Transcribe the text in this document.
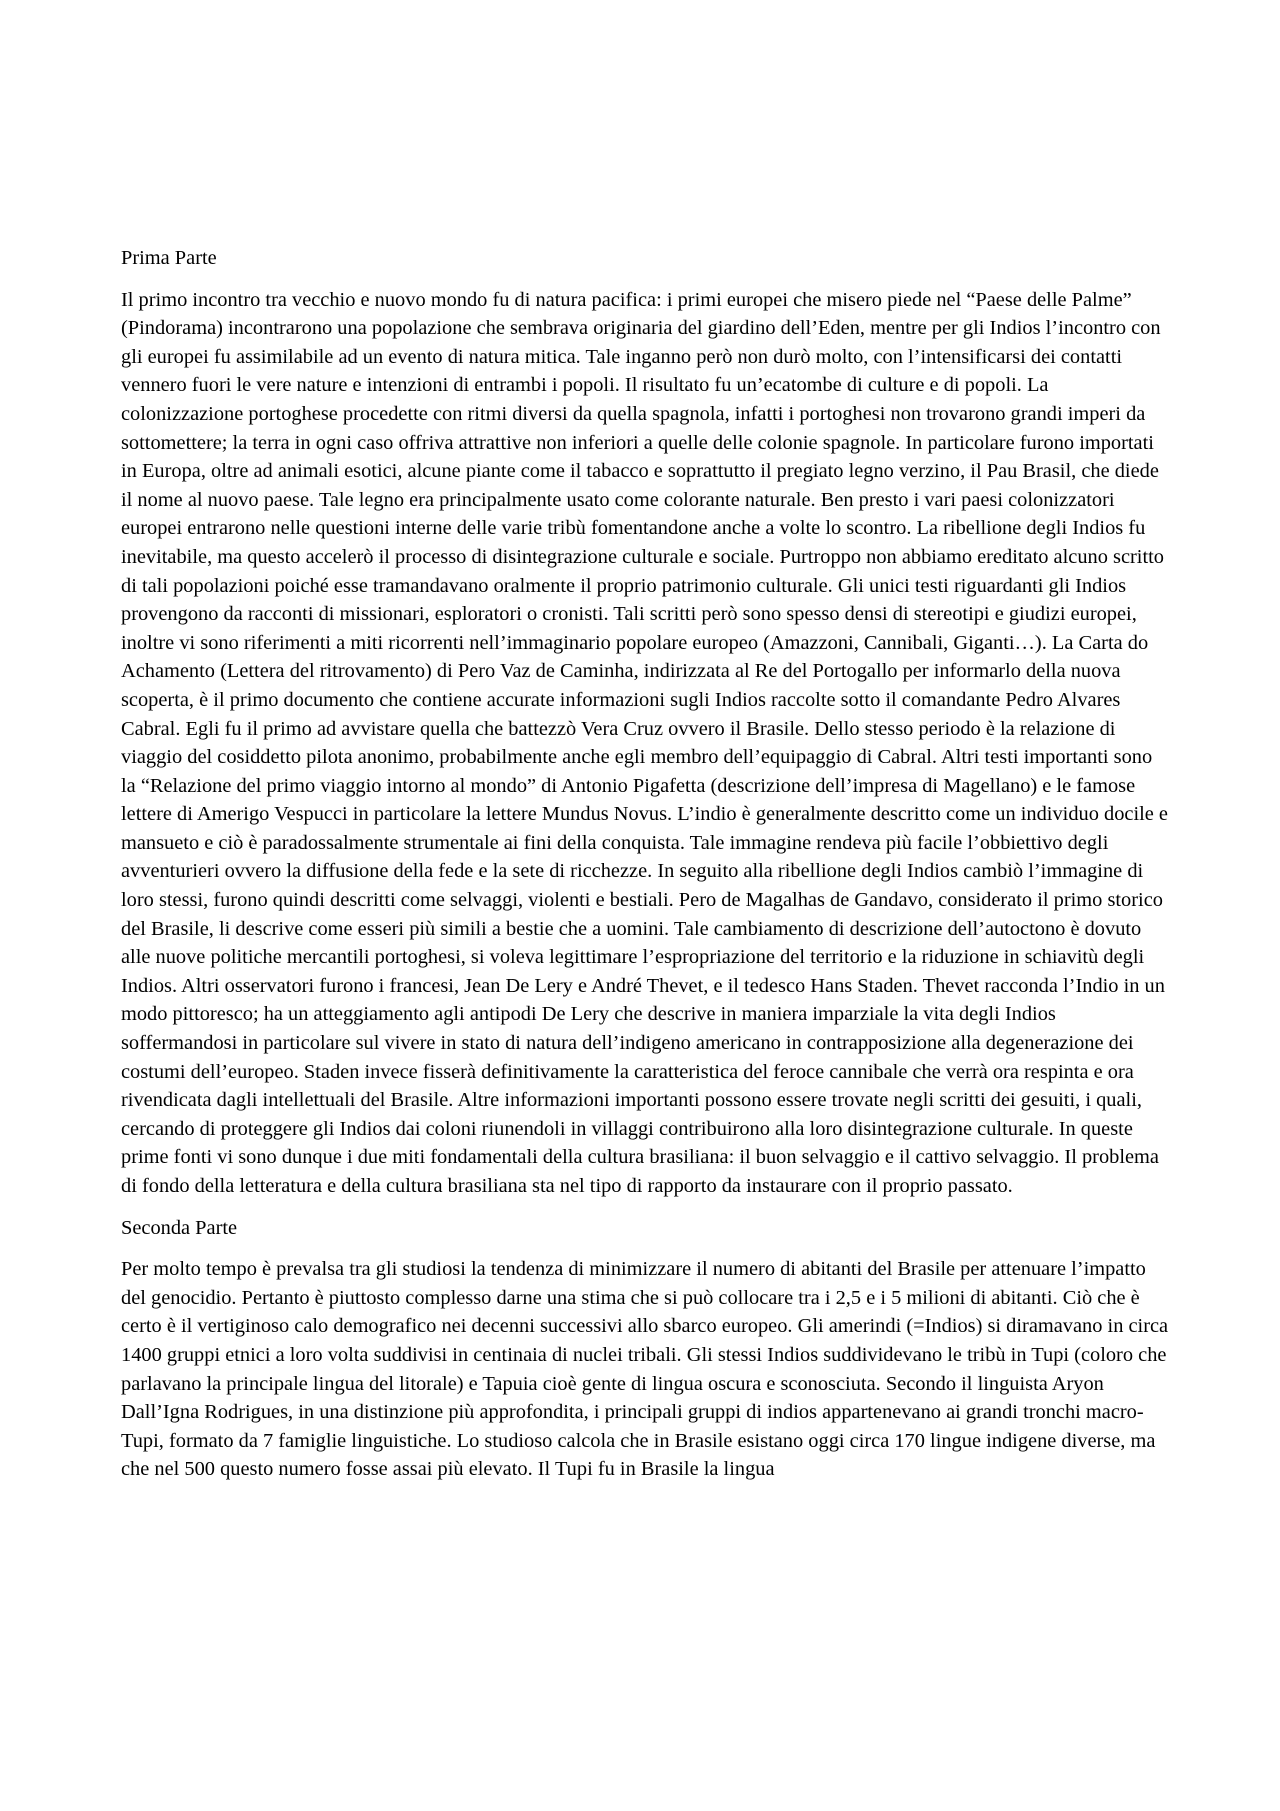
Prima Parte

Il primo incontro tra vecchio e nuovo mondo fu di natura pacifica: i primi europei che misero piede nel “Paese delle Palme” (Pindorama) incontrarono una popolazione che sembrava originaria del giardino dell’Eden, mentre per gli Indios l’incontro con gli europei fu assimilabile ad un evento di natura mitica. Tale inganno però non durò molto, con l’intensificarsi dei contatti vennero fuori le vere nature e intenzioni di entrambi i popoli. Il risultato fu un’ecatombe di culture e di popoli. La colonizzazione portoghese procedette con ritmi diversi da quella spagnola, infatti i portoghesi non trovarono grandi imperi da sottomettere; la terra in ogni caso offriva attrattive non inferiori a quelle delle colonie spagnole. In particolare furono importati in Europa, oltre ad animali esotici, alcune piante come il tabacco e soprattutto il pregiato legno verzino, il Pau Brasil, che diede il nome al nuovo paese. Tale legno era principalmente usato come colorante naturale. Ben presto i vari paesi colonizzatori europei entrarono nelle questioni interne delle varie tribù fomentandone anche a volte lo scontro. La ribellione degli Indios fu inevitabile, ma questo accelerò il processo di disintegrazione culturale e sociale. Purtroppo non abbiamo ereditato alcuno scritto di tali popolazioni poiché esse tramandavano oralmente il proprio patrimonio culturale. Gli unici testi riguardanti gli Indios provengono da racconti di missionari, esploratori o cronisti. Tali scritti però sono spesso densi di stereotipi e giudizi europei, inoltre vi sono riferimenti a miti ricorrenti nell’immaginario popolare europeo (Amazzoni, Cannibali, Giganti…). La Carta do Achamento (Lettera del ritrovamento) di Pero Vaz de Caminha, indirizzata al Re del Portogallo per informarlo della nuova scoperta, è il primo documento che contiene accurate informazioni sugli Indios raccolte sotto il comandante Pedro Alvares Cabral. Egli fu il primo ad avvistare quella che battezzò Vera Cruz ovvero il Brasile. Dello stesso periodo è la relazione di viaggio del cosiddetto pilota anonimo, probabilmente anche egli membro dell’equipaggio di Cabral. Altri testi importanti sono la “Relazione del primo viaggio intorno al mondo” di Antonio Pigafetta (descrizione dell’impresa di Magellano) e le famose lettere di Amerigo Vespucci in particolare la lettere Mundus Novus. L’indio è generalmente descritto come un individuo docile e mansueto e ciò è paradossalmente strumentale ai fini della conquista. Tale immagine rendeva più facile l’obbiettivo degli avventurieri ovvero la diffusione della fede e la sete di ricchezze. In seguito alla ribellione degli Indios cambiò l’immagine di loro stessi, furono quindi descritti come selvaggi, violenti e bestiali. Pero de Magalhas de Gandavo, considerato il primo storico del Brasile, li descrive come esseri più simili a bestie che a uomini. Tale cambiamento di descrizione dell’autoctono è dovuto alle nuove politiche mercantili portoghesi, si voleva legittimare l’espropriazione del territorio e la riduzione in schiavitù degli Indios. Altri osservatori furono i francesi, Jean De Lery e André Thevet, e il tedesco Hans Staden. Thevet racconda l’Indio in un modo pittoresco; ha un atteggiamento agli antipodi De Lery che descrive in maniera imparziale la vita degli Indios soffermandosi in particolare sul vivere in stato di natura dell’indigeno americano in contrapposizione alla degenerazione dei costumi dell’europeo. Staden invece fisserà definitivamente la caratteristica del feroce cannibale che verrà ora respinta e ora rivendicata dagli intellettuali del Brasile. Altre informazioni importanti possono essere trovate negli scritti dei gesuiti, i quali, cercando di proteggere gli Indios dai coloni riunendoli in villaggi contribuirono alla loro disintegrazione culturale. In queste prime fonti vi sono dunque i due miti fondamentali della cultura brasiliana: il buon selvaggio e il cattivo selvaggio. Il problema di fondo della letteratura e della cultura brasiliana sta nel tipo di rapporto da instaurare con il proprio passato.

Seconda Parte

Per molto tempo è prevalsa tra gli studiosi la tendenza di minimizzare il numero di abitanti del Brasile per attenuare l’impatto del genocidio. Pertanto è piuttosto complesso darne una stima che si può collocare tra i 2,5 e i 5 milioni di abitanti. Ciò che è certo è il vertiginoso calo demografico nei decenni successivi allo sbarco europeo. Gli amerindi (=Indios) si diramavano in circa 1400 gruppi etnici a loro volta suddivisi in centinaia di nuclei tribali. Gli stessi Indios suddividevano le tribù in Tupi (coloro che parlavano la principale lingua del litorale) e Tapuia cioè gente di lingua oscura e sconosciuta. Secondo il linguista Aryon Dall’Igna Rodrigues, in una distinzione più approfondita, i principali gruppi di indios appartenevano ai grandi tronchi macro-Tupi, formato da 7 famiglie linguistiche. Lo studioso calcola che in Brasile esistano oggi circa 170 lingue indigene diverse, ma che nel 500 questo numero fosse assai più elevato. Il Tupi fu in Brasile la lingua
